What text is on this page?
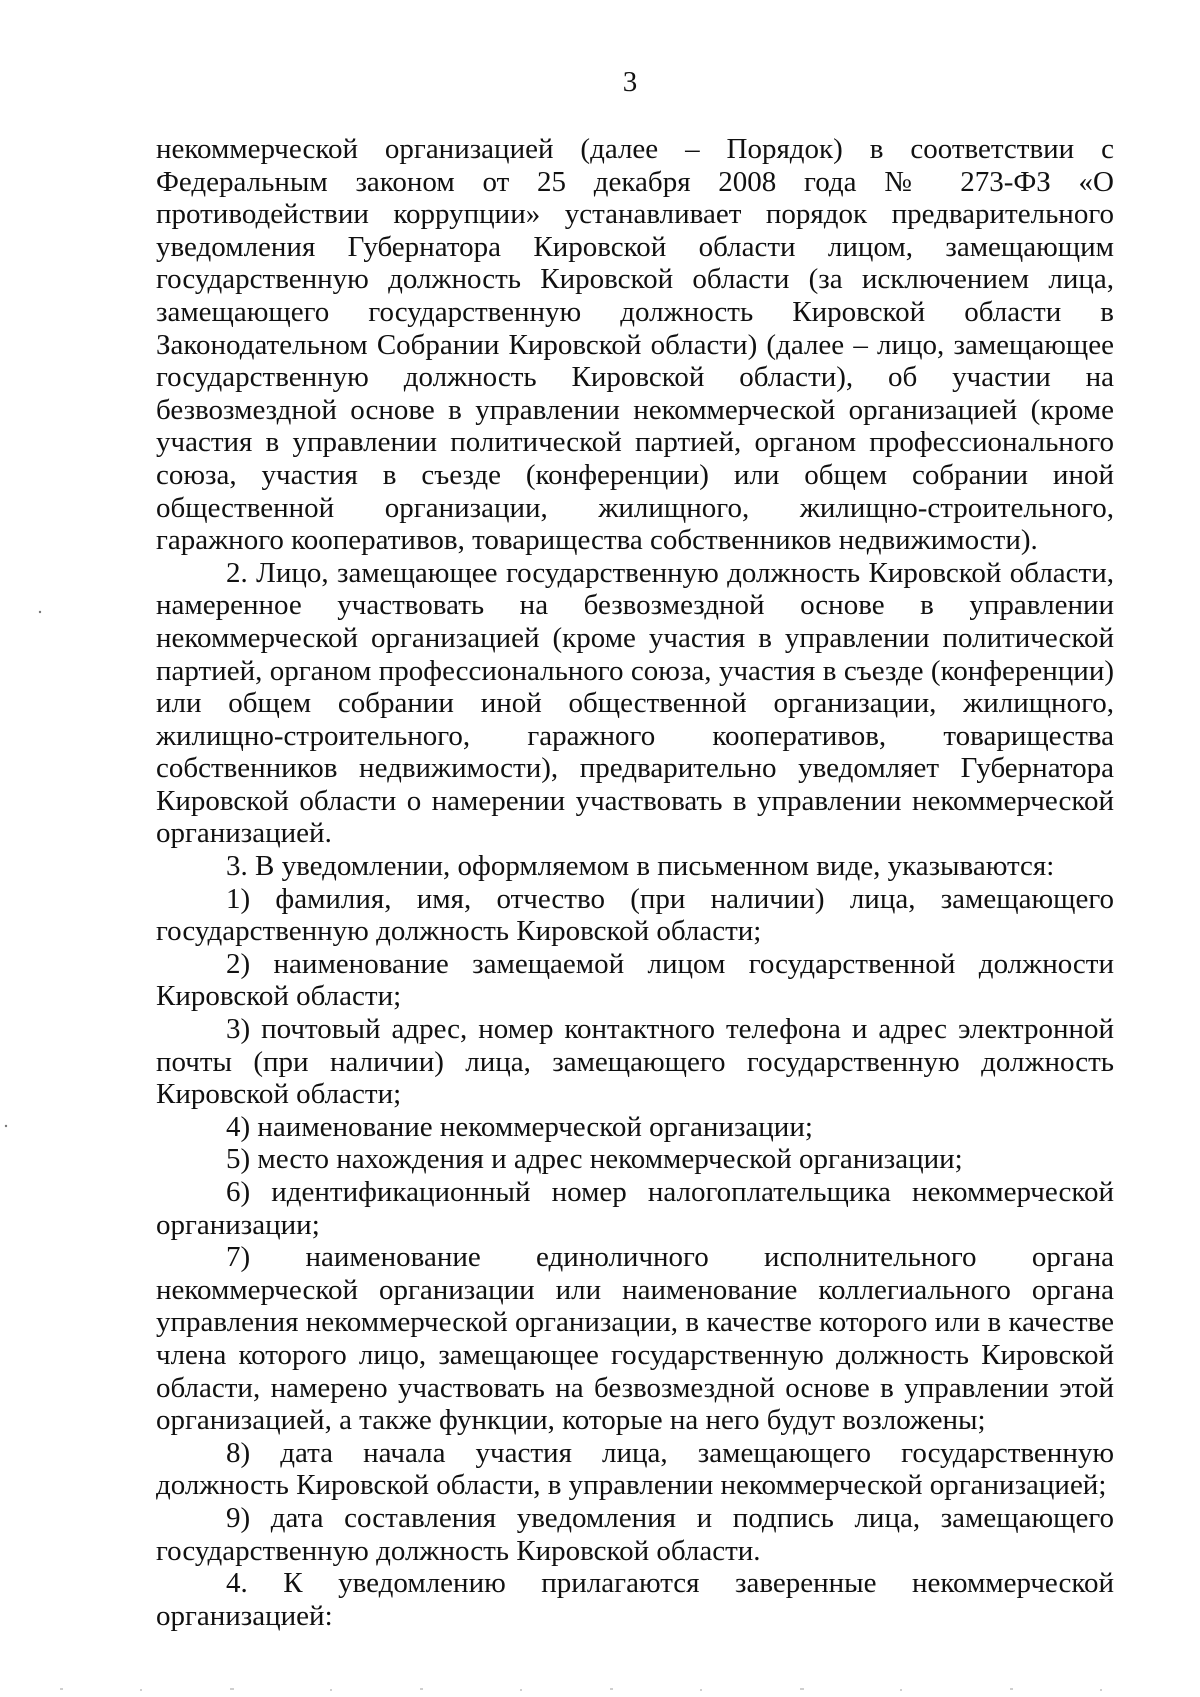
3

некоммерческой организацией (далее – Порядок) в соответствии с Федеральным законом от 25 декабря 2008 года № 273-ФЗ «О противодействии коррупции» устанавливает порядок предварительного уведомления Губернатора Кировской области лицом, замещающим государственную должность Кировской области (за исключением лица, замещающего государственную должность Кировской области в Законодательном Собрании Кировской области) (далее – лицо, замещающее государственную должность Кировской области), об участии на безвозмездной основе в управлении некоммерческой организацией (кроме участия в управлении политической партией, органом профессионального союза, участия в съезде (конференции) или общем собрании иной общественной организации, жилищного, жилищно-строительного, гаражного кооперативов, товарищества собственников недвижимости).

2. Лицо, замещающее государственную должность Кировской области, намеренное участвовать на безвозмездной основе в управлении некоммерческой организацией (кроме участия в управлении политической партией, органом профессионального союза, участия в съезде (конференции) или общем собрании иной общественной организации, жилищного, жилищно-строительного, гаражного кооперативов, товарищества собственников недвижимости), предварительно уведомляет Губернатора Кировской области о намерении участвовать в управлении некоммерческой организацией.

3. В уведомлении, оформляемом в письменном виде, указываются:

1) фамилия, имя, отчество (при наличии) лица, замещающего государственную должность Кировской области;

2) наименование замещаемой лицом государственной должности Кировской области;

3) почтовый адрес, номер контактного телефона и адрес электронной почты (при наличии) лица, замещающего государственную должность Кировской области;

4) наименование некоммерческой организации;

5) место нахождения и адрес некоммерческой организации;

6) идентификационный номер налогоплательщика некоммерческой организации;

7) наименование единоличного исполнительного органа некоммерческой организации или наименование коллегиального органа управления некоммерческой организации, в качестве которого или в качестве члена которого лицо, замещающее государственную должность Кировской области, намерено участвовать на безвозмездной основе в управлении этой организацией, а также функции, которые на него будут возложены;

8) дата начала участия лица, замещающего государственную должность Кировской области, в управлении некоммерческой организацией;

9) дата составления уведомления и подпись лица, замещающего государственную должность Кировской области.

4. К уведомлению прилагаются заверенные некоммерческой организацией:
